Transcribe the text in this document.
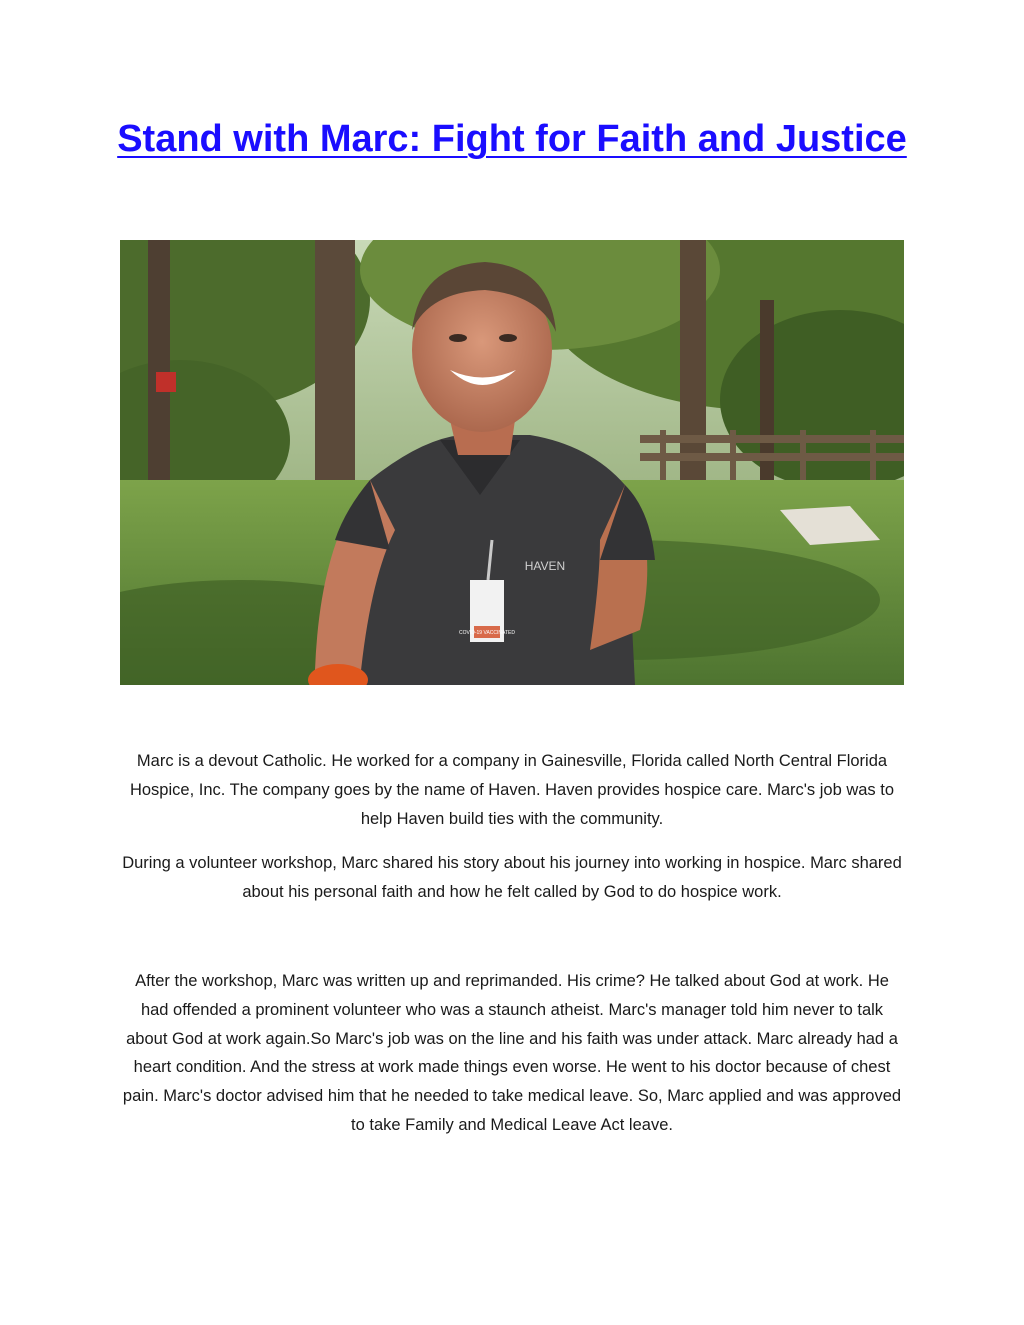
Stand with Marc: Fight for Faith and Justice
COVID-19 VACCINATED
HAVEN

Marc is a devout Catholic. He worked for a company in Gainesville, Florida called North Central Florida Hospice, Inc. The company goes by the name of Haven. Haven provides hospice care. Marc's job was to help Haven build ties with the community.

During a volunteer workshop, Marc shared his story about his journey into working in hospice. Marc shared about his personal faith and how he felt called by God to do hospice work.

After the workshop, Marc was written up and reprimanded. His crime? He talked about God at work. He had offended a prominent volunteer who was a staunch atheist. Marc's manager told him never to talk about God at work again.So Marc's job was on the line and his faith was under attack. Marc already had a heart condition. And the stress at work made things even worse. He went to his doctor because of chest pain. Marc's doctor advised him that he needed to take medical leave. So, Marc applied and was approved to take Family and Medical Leave Act leave.
